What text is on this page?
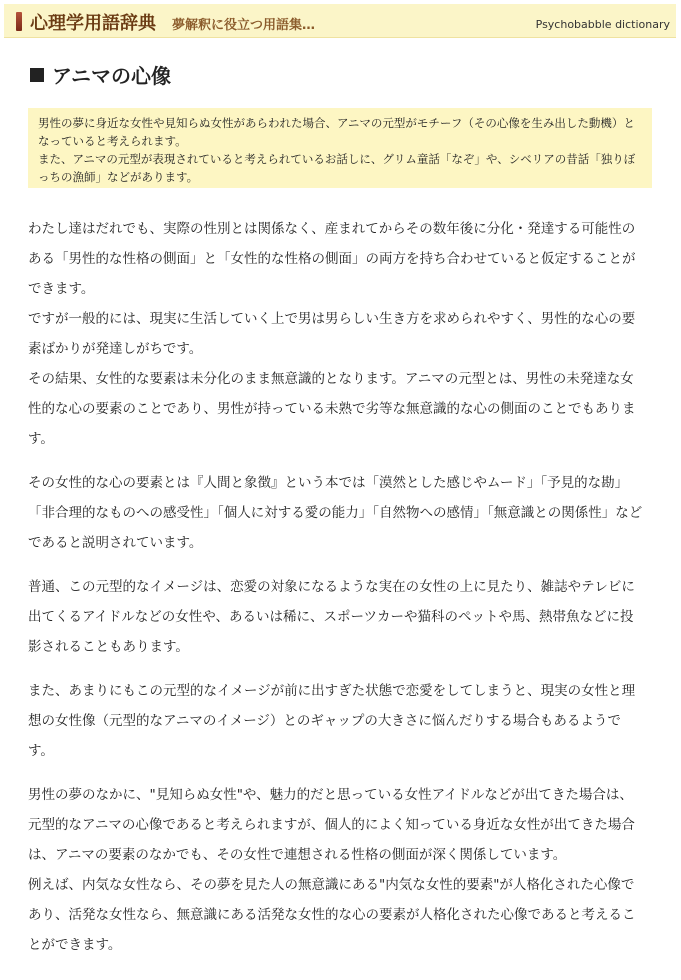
心理学用語辞典 夢解釈に役立つ用語集…	Psychobabble dictionary
アニマの心像

男性の夢に身近な女性や見知らぬ女性があらわれた場合、アニマの元型がモチーフ（その心像を生み出した動機）となっていると考えられます。

また、アニマの元型が表現されていると考えられているお話しに、グリム童話「なぞ」や、シベリアの昔話「独りぼっちの漁師」などがあります。

わたし達はだれでも、実際の性別とは関係なく、産まれてからその数年後に分化・発達する可能性のある「男性的な性格の側面」と「女性的な性格の側面」の両方を持ち合わせていると仮定することができます。
ですが一般的には、現実に生活していく上で男は男らしい生き方を求められやすく、男性的な心の要素ばかりが発達しがちです。
その結果、女性的な要素は未分化のまま無意識的となります。アニマの元型とは、男性の未発達な女性的な心の要素のことであり、男性が持っている未熟で劣等な無意識的な心の側面のことでもあります。

その女性的な心の要素とは『人間と象徴』という本では「漠然とした感じやムード」「予見的な勘」「非合理的なものへの感受性」「個人に対する愛の能力」「自然物への感情」「無意識との関係性」などであると説明されています。

普通、この元型的なイメージは、恋愛の対象になるような実在の女性の上に見たり、雑誌やテレビに出てくるアイドルなどの女性や、あるいは稀に、スポーツカーや猫科のペットや馬、熱帯魚などに投影されることもあります。

また、あまりにもこの元型的なイメージが前に出すぎた状態で恋愛をしてしまうと、現実の女性と理想の女性像（元型的なアニマのイメージ）とのギャップの大きさに悩んだりする場合もあるようです。

男性の夢のなかに、"見知らぬ女性"や、魅力的だと思っている女性アイドルなどが出てきた場合は、元型的なアニマの心像であると考えられますが、個人的によく知っている身近な女性が出てきた場合は、アニマの要素のなかでも、その女性で連想される性格の側面が深く関係しています。
例えば、内気な女性なら、その夢を見た人の無意識にある"内気な女性的要素"が人格化された心像であり、活発な女性なら、無意識にある活発な女性的な心の要素が人格化された心像であると考えることができます。
